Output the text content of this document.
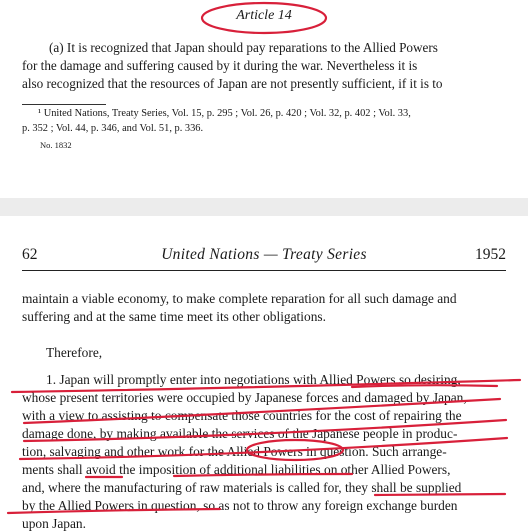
Article 14
(a) It is recognized that Japan should pay reparations to the Allied Powers
for the damage and suffering caused by it during the war. Nevertheless it is
also recognized that the resources of Japan are not presently sufficient, if it is to
¹ United Nations, Treaty Series, Vol. 15, p. 295 ; Vol. 26, p. 420 ; Vol. 32, p. 402 ; Vol. 33,
p. 352 ; Vol. 44, p. 346, and Vol. 51, p. 336.
No. 1832
62	United Nations — Treaty Series	1952
maintain a viable economy, to make complete reparation for all such damage and
suffering and at the same time meet its other obligations.
Therefore,
1. Japan will promptly enter into negotiations with Allied Powers so desiring,
whose present territories were occupied by Japanese forces and damaged by Japan,
with a view to assisting to compensate those countries for the cost of repairing the
damage done, by making available the services of the Japanese people in produc-
tion, salvaging and other work for the Allied Powers in question. Such arrange-
ments shall avoid the imposition of additional liabilities on other Allied Powers,
and, where the manufacturing of raw materials is called for, they shall be supplied
by the Allied Powers in question, so as not to throw any foreign exchange burden
upon Japan.
